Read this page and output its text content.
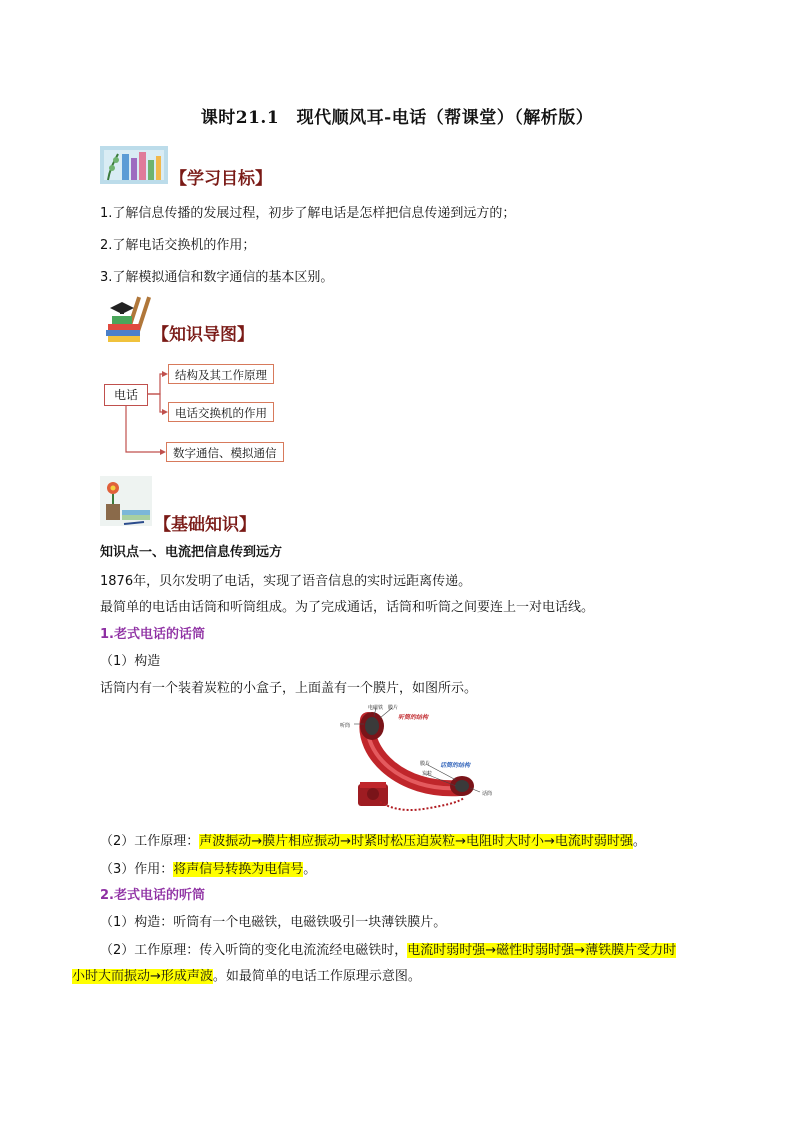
课时21.1　现代顺风耳-电话（帮课堂）（解析版）
【学习目标】
1.了解信息传播的发展过程，初步了解电话是怎样把信息传递到远方的；
2.了解电话交换机的作用；
3.了解模拟通信和数字通信的基本区别。
【知识导图】
电话
结构及其工作原理
电话交换机的作用
数字通信、模拟通信
【基础知识】
知识点一、电流把信息传到远方
1876年，贝尔发明了电话，实现了语音信息的实时远距离传递。
最简单的电话由话筒和听筒组成。为了完成通话，话筒和听筒之间要连上一对电话线。
1.老式电话的话筒
（1）构造
话筒内有一个装着炭粒的小盒子，上面盖有一个膜片，如图所示。
听筒
电磁铁 膜片
听筒的结构
膜片
炭粒
话筒的结构
话筒
（2）工作原理：声波振动→膜片相应振动→时紧时松压迫炭粒→电阻时大时小→电流时弱时强。
（3）作用：将声信号转换为电信号。
2.老式电话的听筒
（1）构造：听筒有一个电磁铁，电磁铁吸引一块薄铁膜片。
（2）工作原理：传入听筒的变化电流流经电磁铁时，电流时弱时强→磁性时弱时强→薄铁膜片受力时
小时大而振动→形成声波。如最简单的电话工作原理示意图。
